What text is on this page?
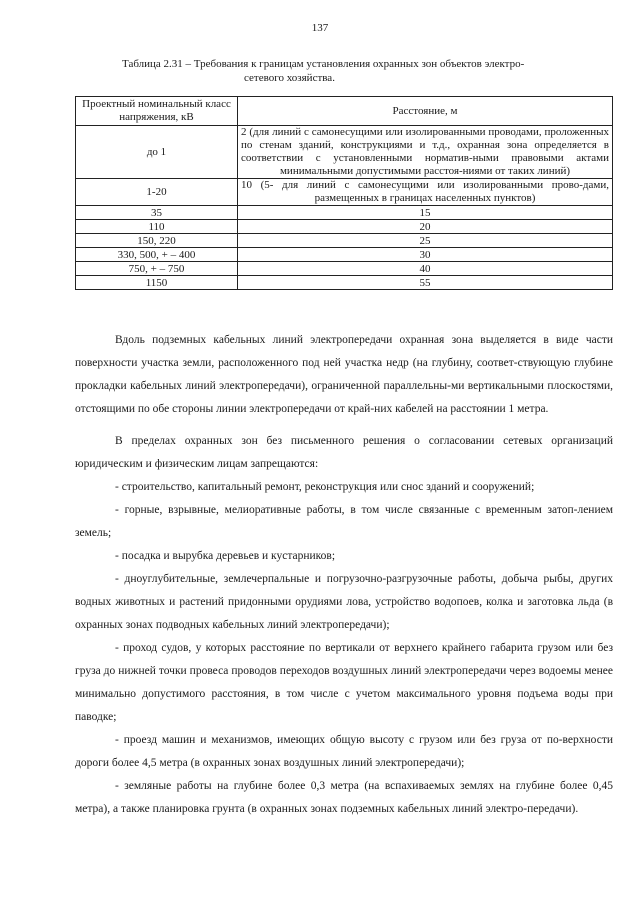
137
Таблица 2.31 – Требования к границам установления охранных зон объектов электро-
сетевого хозяйства.
Проектный номинальный класс напряжения, кВ	Расстояние, м
до 1	2 (для линий с самонесущими или изолированными проводами, проложенных по стенам зданий, конструкциями и т.д., охранная зона определяется в соответствии с установленными норматив-ными правовыми актами минимальными допустимыми расстоя-ниями от таких линий)
1-20	10 (5- для линий с самонесущими или изолированными прово-дами, размещенных в границах населенных пунктов)
35	15
110	20
150, 220	25
330, 500, + – 400	30
750, + – 750	40
1150	55

Вдоль подземных кабельных линий электропередачи охранная зона выделяется в виде части поверхности участка земли, расположенного под ней участка недр (на глубину, соответ-ствующую глубине прокладки кабельных линий электропередачи), ограниченной параллельны-ми вертикальными плоскостями, отстоящими по обе стороны линии электропередачи от край-них кабелей на расстоянии 1 метра.

В пределах охранных зон без письменного решения о согласовании сетевых организаций юридическим и физическим лицам запрещаются:

- строительство, капитальный ремонт, реконструкция или снос зданий и сооружений;

- горные, взрывные, мелиоративные работы, в том числе связанные с временным затоп-лением земель;

- посадка и вырубка деревьев и кустарников;

- дноуглубительные, землечерпальные и погрузочно-разгрузочные работы, добыча рыбы, других водных животных и растений придонными орудиями лова, устройство водопоев, колка и заготовка льда (в охранных зонах подводных кабельных линий электропередачи);

- проход судов, у которых расстояние по вертикали от верхнего крайнего габарита грузом или без груза до нижней точки провеса проводов переходов воздушных линий электропередачи через водоемы менее минимально допустимого расстояния, в том числе с учетом максимального уровня подъема воды при паводке;

- проезд машин и механизмов, имеющих общую высоту с грузом или без груза от по-верхности дороги более 4,5 метра (в охранных зонах воздушных линий электропередачи);

- земляные работы на глубине более 0,3 метра (на вспахиваемых землях на глубине более 0,45 метра), а также планировка грунта (в охранных зонах подземных кабельных линий электро-передачи).
